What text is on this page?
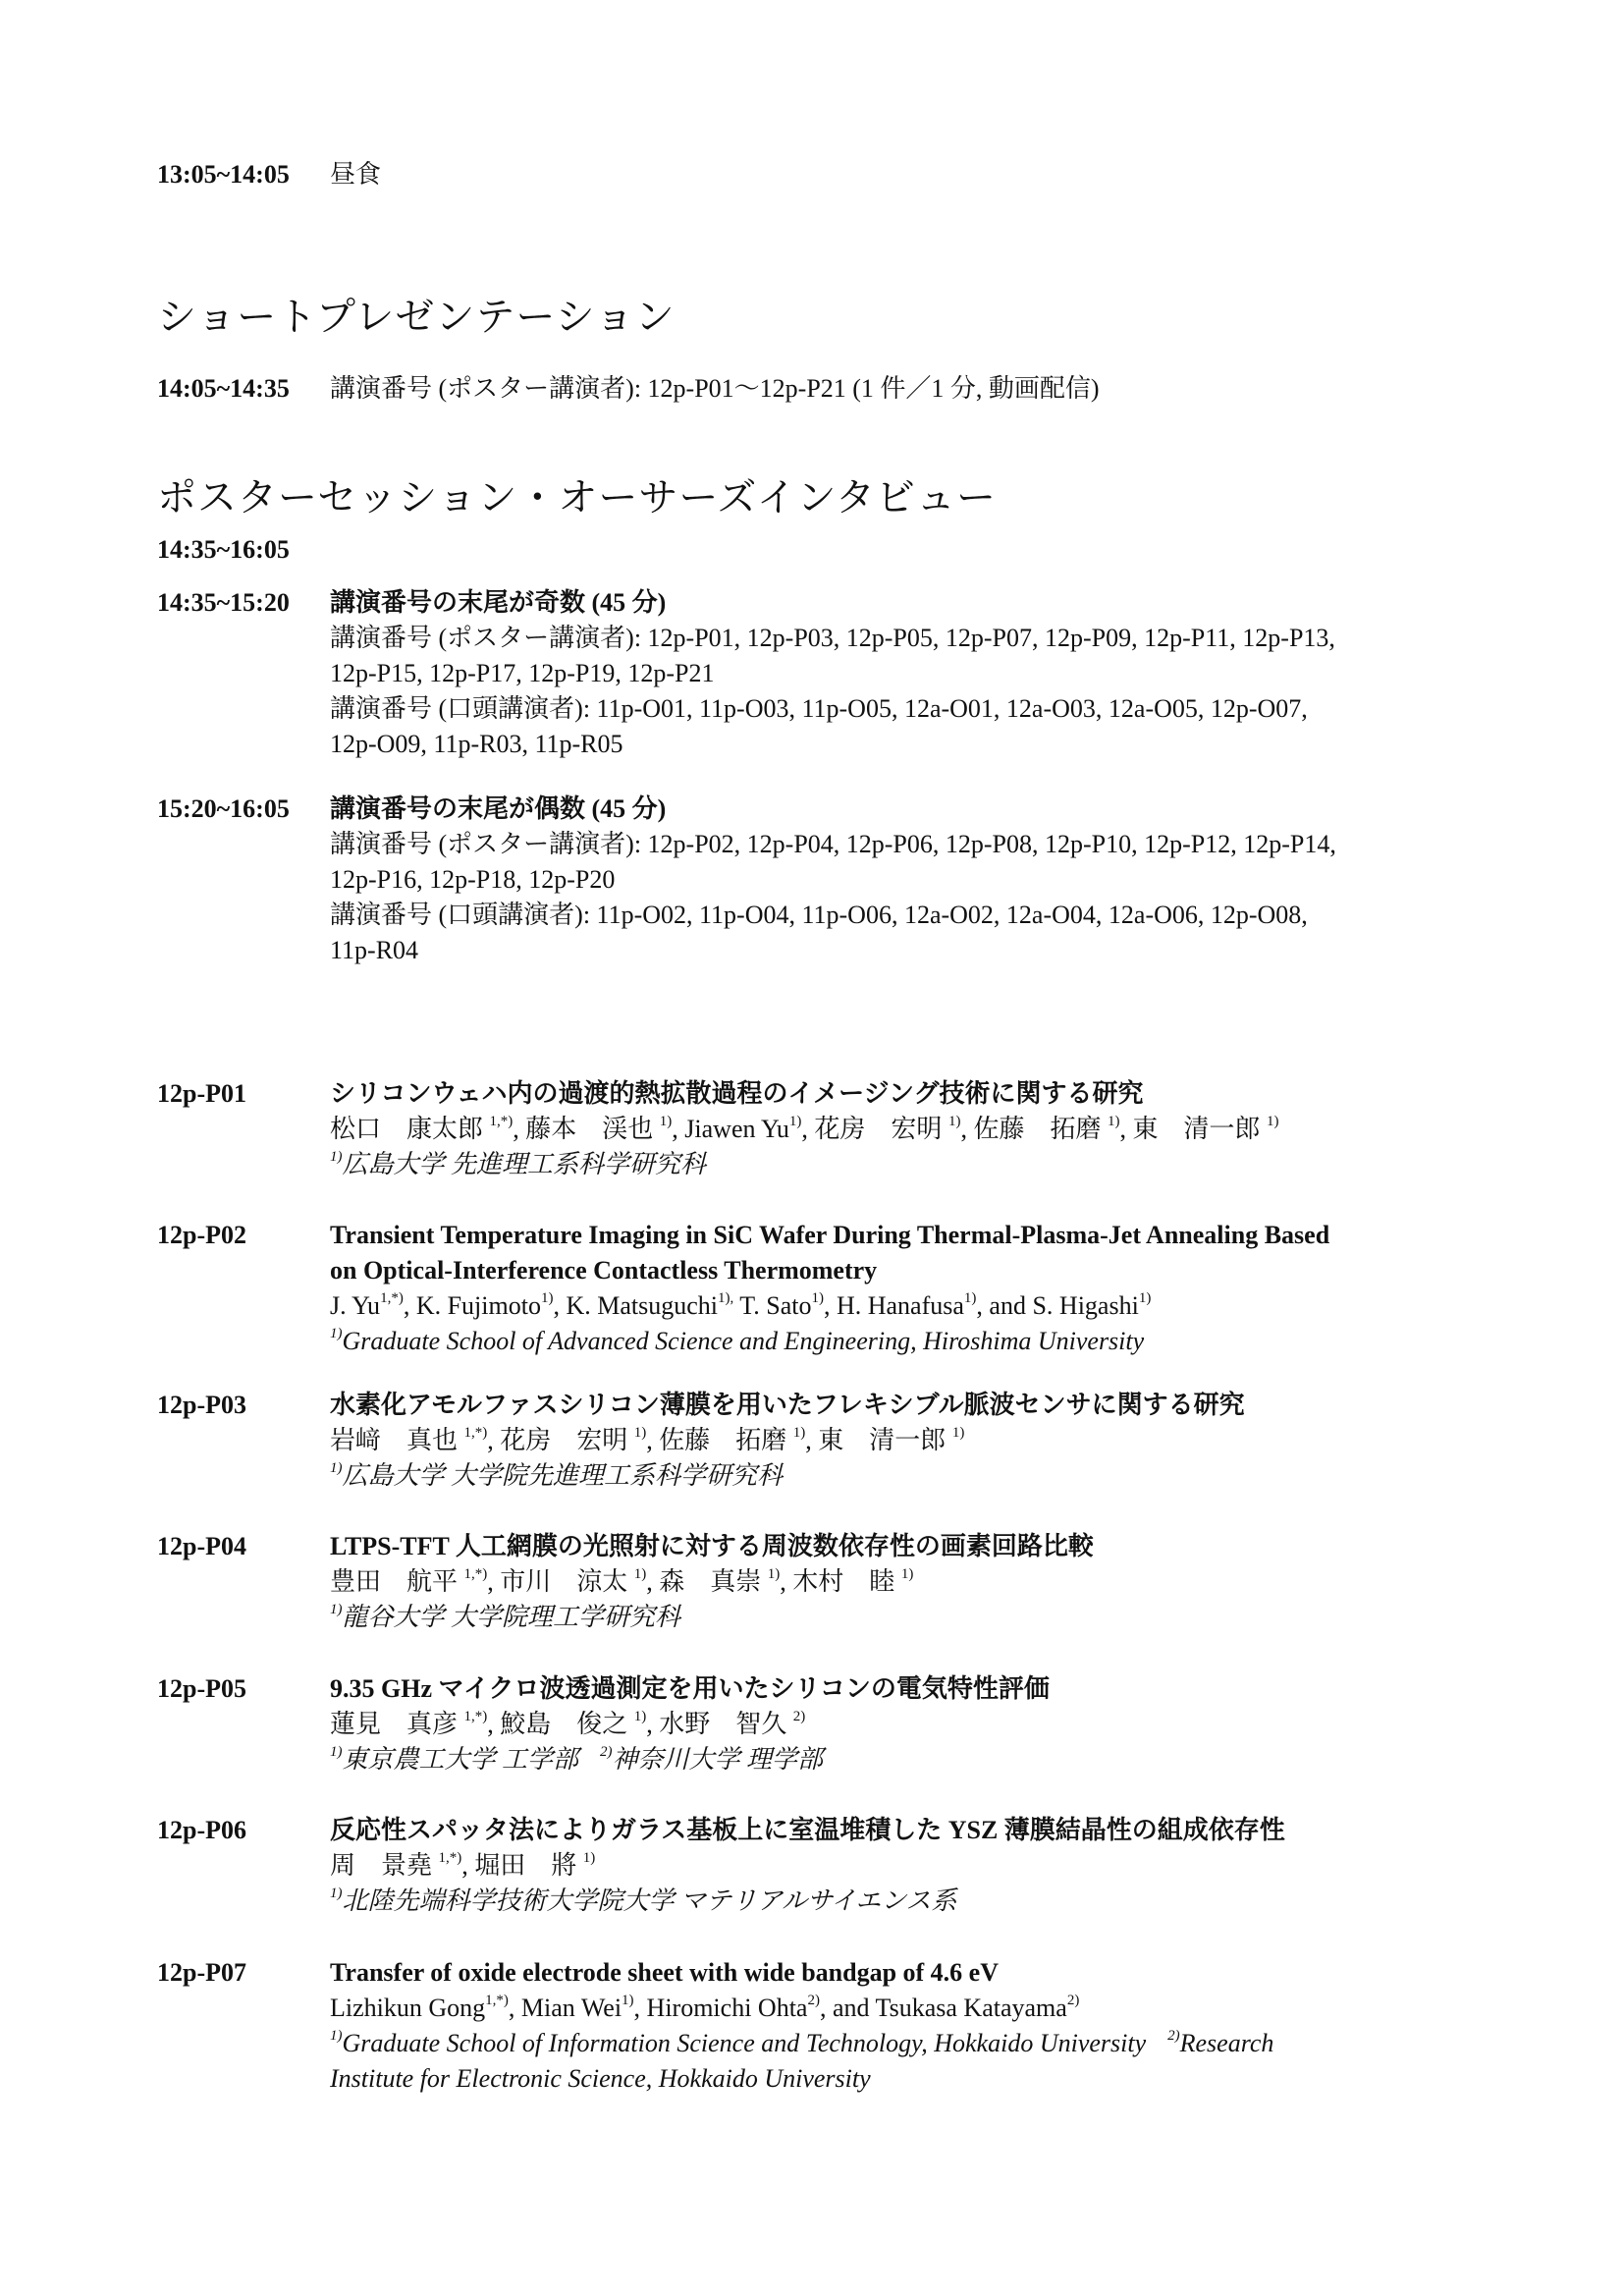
13:05~14:05 昼食
ショートプレゼンテーション
14:05~14:35 講演番号 (ポスター講演者): 12p-P01～12p-P21 (1 件／1 分, 動画配信)
ポスターセッション・オーサーズインタビュー
14:35~16:05
14:35~15:20 講演番号の末尾が奇数 (45 分)
講演番号 (ポスター講演者): 12p-P01, 12p-P03, 12p-P05, 12p-P07, 12p-P09, 12p-P11, 12p-P13,
12p-P15, 12p-P17, 12p-P19, 12p-P21
講演番号 (口頭講演者): 11p-O01, 11p-O03, 11p-O05, 12a-O01, 12a-O03, 12a-O05, 12p-O07,
12p-O09, 11p-R03, 11p-R05
15:20~16:05 講演番号の末尾が偶数 (45 分)
講演番号 (ポスター講演者): 12p-P02, 12p-P04, 12p-P06, 12p-P08, 12p-P10, 12p-P12, 12p-P14,
12p-P16, 12p-P18, 12p-P20
講演番号 (口頭講演者): 11p-O02, 11p-O04, 11p-O06, 12a-O02, 12a-O04, 12a-O06, 12p-O08,
11p-R04
12p-P01	シリコンウェハ内の過渡的熱拡散過程のイメージング技術に関する研究
松口　康太郎 $^{1,*)}$, 藤本　渓也 $^{1)}$, Jiawen Yu$^{1)}$, 花房　宏明 $^{1)}$, 佐藤　拓磨 $^{1)}$, 東　清一郎 $^{1)}$
$^{1)}$広島大学 先進理工系科学研究科
12p-P02	Transient Temperature Imaging in SiC Wafer During Thermal-Plasma-Jet Annealing Based
on Optical-Interference Contactless Thermometry
J. $Yu^{1,*)}$, K. Fujimoto$^{1)}$, K. Matsuguchi$^{1),}$ T. Sato$^{1)}$, H. Hanafusa$^{1)}$, and S. Higashi$^{1)}$
$^{1)}$Graduate School of Advanced Science and Engineering, Hiroshima University
12p-P03	水素化アモルファスシリコン薄膜を用いたフレキシブル脈波センサに関する研究
岩﨑　真也 $^{1,*)}$, 花房　宏明 $^{1)}$, 佐藤　拓磨 $^{1)}$, 東　清一郎 $^{1)}$
$^{1)}$広島大学 大学院先進理工系科学研究科
12p-P04	LTPS-TFT 人工網膜の光照射に対する周波数依存性の画素回路比較
豊田　航平 $^{1,*)}$, 市川　涼太 $^{1)}$, 森　真崇 $^{1)}$, 木村　睦 $^{1)}$
$^{1)}$龍谷大学 大学院理工学研究科
12p-P05	9.35 GHz マイクロ波透過測定を用いたシリコンの電気特性評価
蓮見　真彦 $^{1,*)}$, 鮫島　俊之 $^{1)}$, 水野　智久 $^{2)}$
$^{1)}$東京農工大学 工学部 $^{2)}$神奈川大学 理学部
12p-P06	反応性スパッタ法によりガラス基板上に室温堆積した YSZ 薄膜結晶性の組成依存性
周　景堯 $^{1,*)}$, 堀田　將 $^{1)}$
$^{1)}$北陸先端科学技術大学院大学 マテリアルサイエンス系
12p-P07	Transfer of oxide electrode sheet with wide bandgap of 4.6 eV
Lizhikun Gong$^{1,*)}$, Mian Wei$^{1)}$, Hiromichi Ohta$^{2)}$, and Tsukasa Katayama$^{2)}$
$^{1)}$Graduate School of Information Science and Technology, Hokkaido University $^{2)}$Research
Institute for Electronic Science, Hokkaido University
